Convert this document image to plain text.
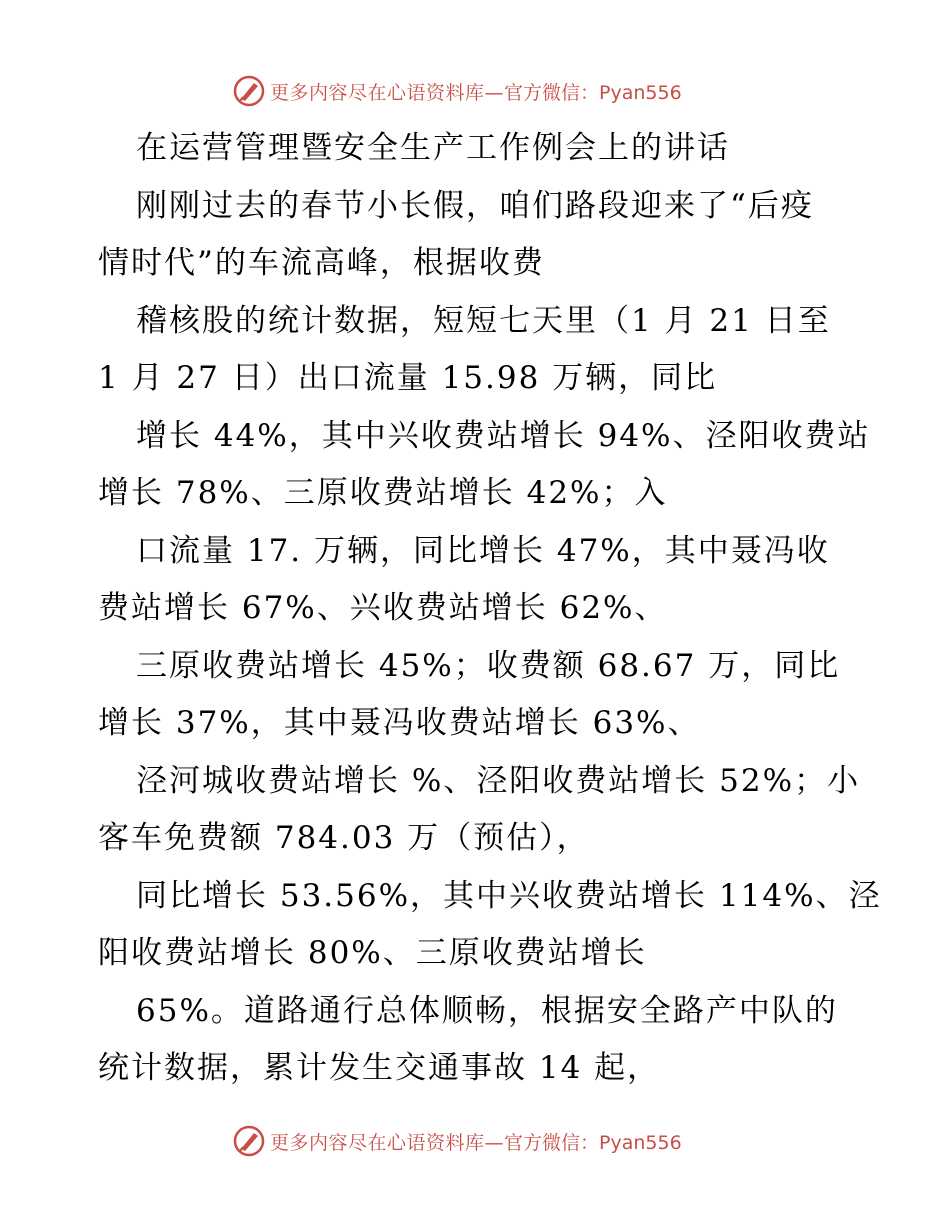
更多内容尽在心语资料库— 官方微信：Pyan556
在运营管理暨安全生产工作例会上的讲话
刚刚过去的春节小长假，咱们路段迎来了“后疫
情时代”的车流高峰，根据收费
稽核股的统计数据，短短七天里（1 月 21 日至
1 月 27 日）出口流量 15.98 万辆，同比
增长 44%，其中兴收费站增长 94%、泾阳收费站
增长 78%、三原收费站增长 42%；入
口流量 17. 万辆，同比增长 47%，其中聂冯收
费站增长 67%、兴收费站增长 62%、
三原收费站增长 45%；收费额 68.67 万，同比
增长 37%，其中聂冯收费站增长 63%、
泾河城收费站增长 %、泾阳收费站增长 52%；小
客车免费额 784.03 万（预估），
同比增长 53.56%，其中兴收费站增长 114%、泾
阳收费站增长 80%、三原收费站增长
65%。道路通行总体顺畅，根据安全路产中队的
统计数据，累计发生交通事故 14 起，
更多内容尽在心语资料库— 官方微信：Pyan556
